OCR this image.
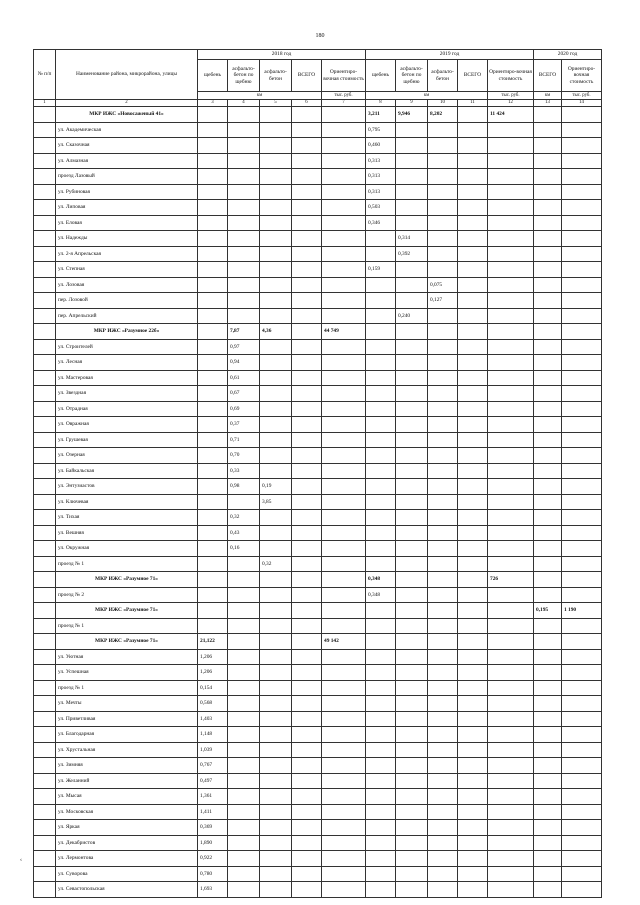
180
№ п/п	Наименование района, микрорайона, улицы	2018 год					2019 год					2020 год	
		щебень	асфальто-бетон по щебню	асфальто-бетон	ВСЕГО	Ориентиро-вочная стоимость	щебень	асфальто-бетон по щебню	асфальто-бетон	ВСЕГО	Ориентиро-вочная стоимость	ВСЕГО	Ориентиро-вочная стоимость
		км				тыс. руб.	км				тыс. руб.	км	тыс. руб.
1	2	3	4	5	6	7	8	9	10	11	12	13	14
	МКР ИЖС «Новосаженый 41»						3,211	9,946	8,202		11 424		
	ул. Академическая						0,795						
	ул. Сказочная						0,460						
	ул. Алмазная						0,313						
	проезд Лазовый						0,313						
	ул. Рубиновая						0,313						
	ул. Липовая						0,503						
	ул. Еловая						0,346						
	ул. Надежды							0,314					
	ул. 2-я Апрельская							0,392					
	ул. Степная						0,159						
	ул. Лозовая								0,075				
	пер. Лозовой								0,127				
	пер. Апрельский							0,240					
	МКР ИЖС «Разумное 22б»		7,87	4,36		44 749							
	ул. Строителей		0,97										
	ул. Лесная		0,94										
	ул. Мастеровая		0,61										
	ул. Звездная		0,67										
	ул. Отрадная		0,69										
	ул. Овражная		0,37										
	ул. Грушевая		0,71										
	ул. Озерная		0,70										
	ул. Байкальская		0,33										
	ул. Энтузиастов		0,98	0,19									
	ул. Ключевая			3,85									
	ул. Тихая		0,32										
	ул. Вешняя		0,43										
	ул. Окружная		0,16										
	проезд № 1			0,32									
	МКР ИЖС «Разумное 71»						0,348				726		
	проезд № 2						0,348						
	МКР ИЖС «Разумное 71»											0,195	1 190
	проезд № 1												
	МКР ИЖС «Разумное 71»	21,122				49 142							
	ул. Уютная	1,206											
	ул. Успешная	1,206											
	проезд № 1	0,154											
	ул. Мечты	0,568											
	ул. Приветливая	1,403											
	ул. Благодарная	1,148											
	ул. Хрустальная	1,039											
	ул. Зимняя	0,767											
	ул. Желанний	0,497											
	ул. Мысая	1,361											
	ул. Московская	1,411											
	ул. Яркая	0,369											
	ул. Декабристов	1,890											
	ул. Лермонтова	0,922											
	ул. Суворова	0,780											
	ул. Севастопольская	1,693											
‹
